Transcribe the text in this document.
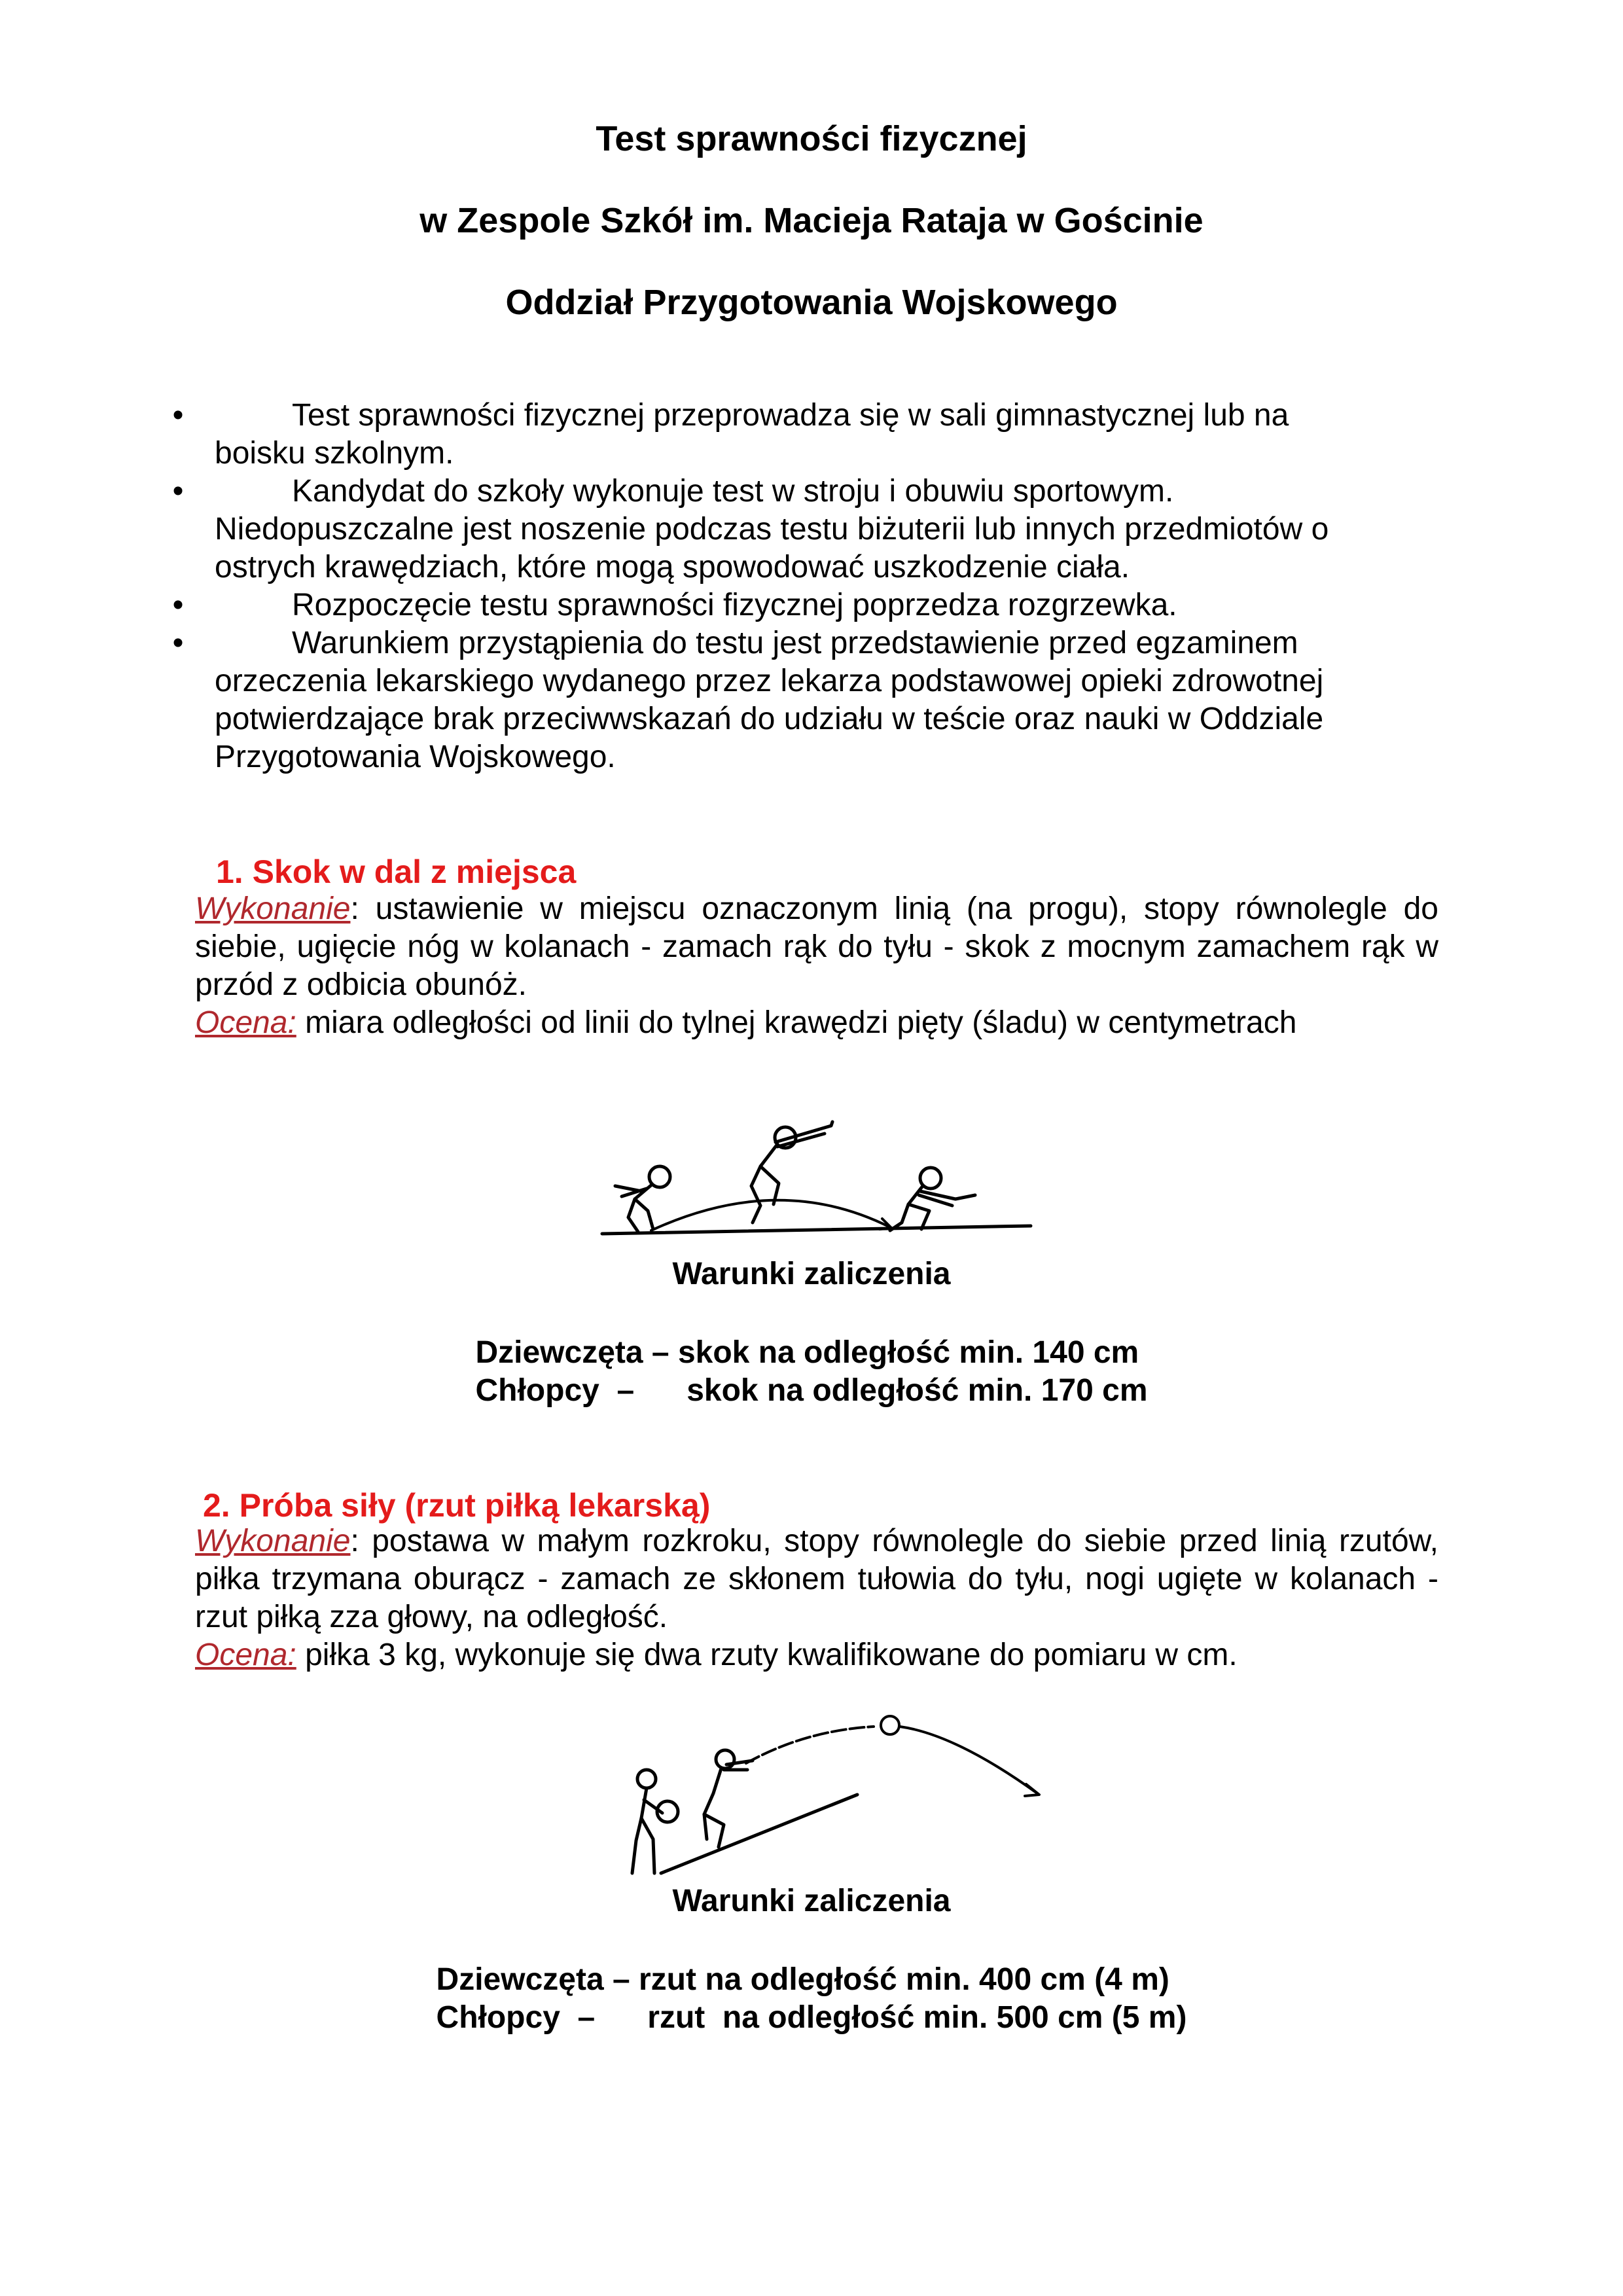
Test sprawności fizycznej
w Zespole Szkół im. Macieja Rataja w Gościnie
Oddział Przygotowania Wojskowego
•	Test sprawności fizycznej przeprowadza się w sali gimnastycznej lub na
boisku szkolnym.
•	Kandydat do szkoły wykonuje test w stroju i obuwiu sportowym.
Niedopuszczalne jest noszenie podczas testu biżuterii lub innych przedmiotów o ostrych krawędziach, które mogą spowodować uszkodzenie ciała.
•	Rozpoczęcie testu sprawności fizycznej poprzedza rozgrzewka.
•	Warunkiem przystąpienia do testu jest przedstawienie przed egzaminem
orzeczenia lekarskiego wydanego przez lekarza podstawowej opieki zdrowotnej potwierdzające brak przeciwwskazań do udziału w teście oraz nauki w Oddziale Przygotowania Wojskowego.
1. Skok w dal z miejsca
Wykonanie: ustawienie w miejscu oznaczonym linią (na progu), stopy równolegle do siebie, ugięcie nóg w kolanach - zamach rąk do tyłu - skok z mocnym zamachem rąk w przód z odbicia obunóż.
Ocena: miara odległości od linii do tylnej krawędzi pięty (śladu) w centymetrach
Warunki zaliczenia
Dziewczęta – skok na odległość min. 140 cm
Chłopcy  –      skok na odległość min. 170 cm
2. Próba siły (rzut piłką lekarską)
Wykonanie: postawa w małym rozkroku, stopy równolegle do siebie przed linią rzutów, piłka trzymana oburącz - zamach ze skłonem tułowia do tyłu, nogi ugięte w kolanach - rzut piłką zza głowy, na odległość.
Ocena: piłka 3 kg, wykonuje się dwa rzuty kwalifikowane do pomiaru w cm.
Warunki zaliczenia
Dziewczęta – rzut na odległość min. 400 cm (4 m)
Chłopcy  –      rzut  na odległość min. 500 cm (5 m)
